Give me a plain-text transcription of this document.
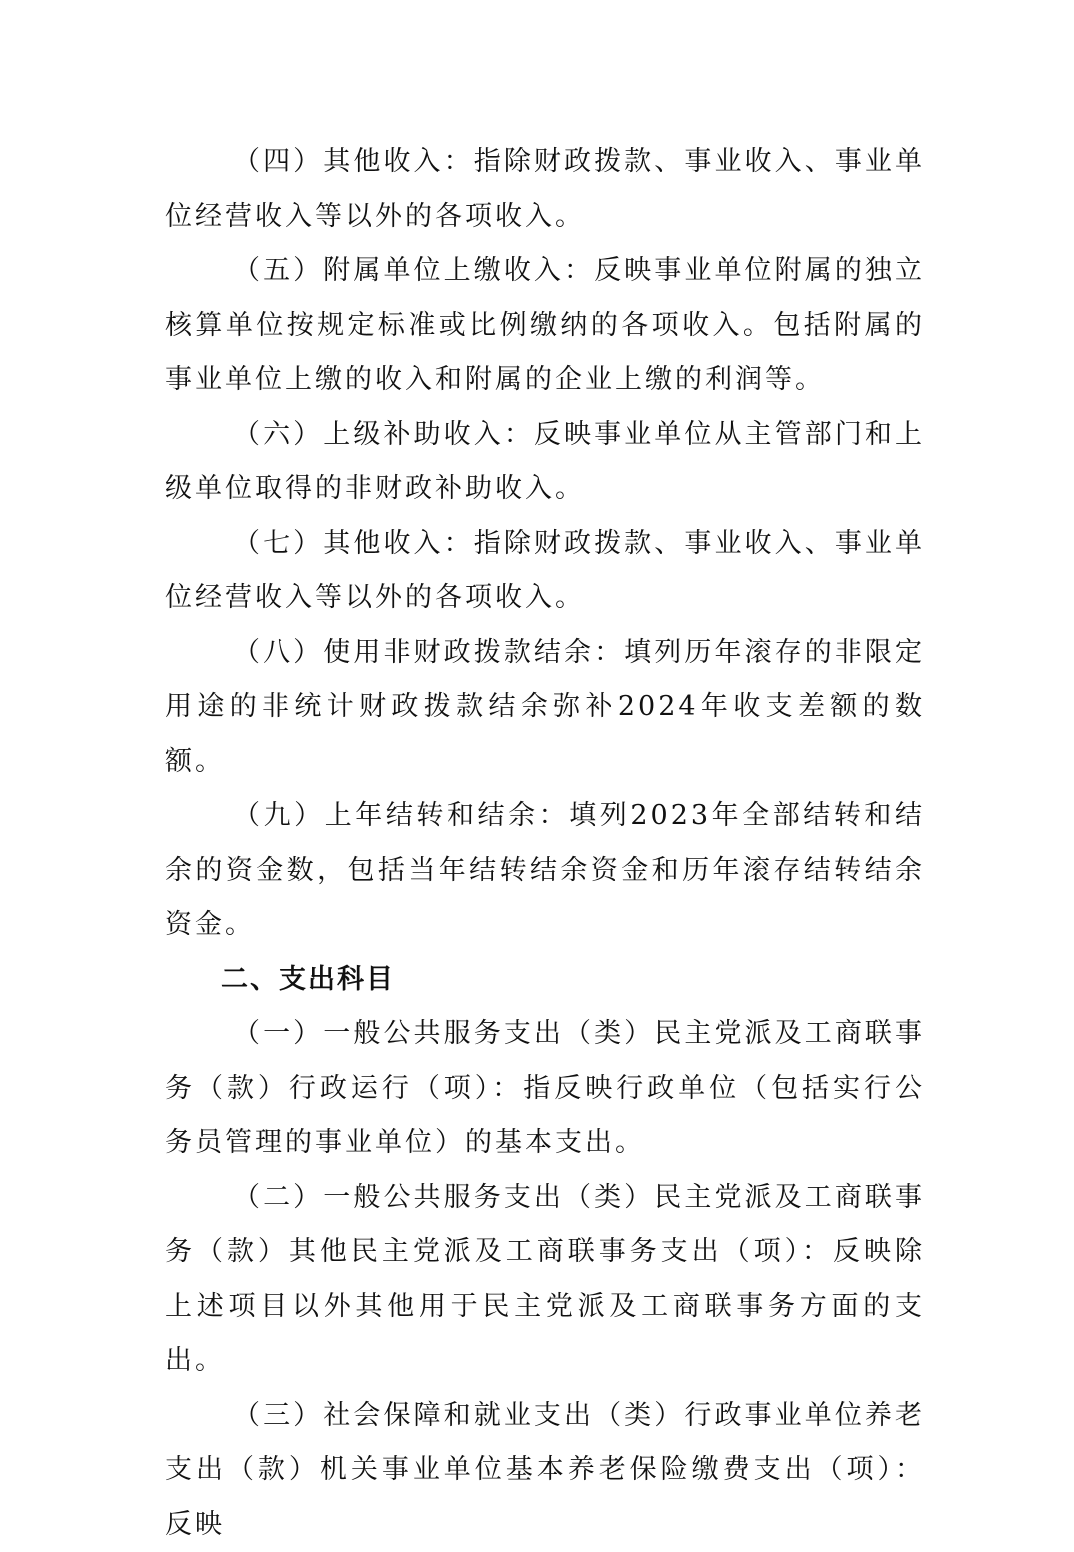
（四）其他收入：指除财政拨款、事业收入、事业单位经营收入等以外的各项收入。

（五）附属单位上缴收入：反映事业单位附属的独立核算单位按规定标准或比例缴纳的各项收入。包括附属的事业单位上缴的收入和附属的企业上缴的利润等。

（六）上级补助收入：反映事业单位从主管部门和上级单位取得的非财政补助收入。

（七）其他收入：指除财政拨款、事业收入、事业单位经营收入等以外的各项收入。

（八）使用非财政拨款结余：填列历年滚存的非限定用途的非统计财政拨款结余弥补2024年收支差额的数额。

（九）上年结转和结余：填列2023年全部结转和结余的资金数，包括当年结转结余资金和历年滚存结转结余资金。

二、支出科目

（一）一般公共服务支出（类）民主党派及工商联事务（款）行政运行（项）：指反映行政单位（包括实行公务员管理的事业单位）的基本支出。

（二）一般公共服务支出（类）民主党派及工商联事务（款）其他民主党派及工商联事务支出（项）：反映除上述项目以外其他用于民主党派及工商联事务方面的支出。

（三）社会保障和就业支出（类）行政事业单位养老支出（款）机关事业单位基本养老保险缴费支出（项）：反映
